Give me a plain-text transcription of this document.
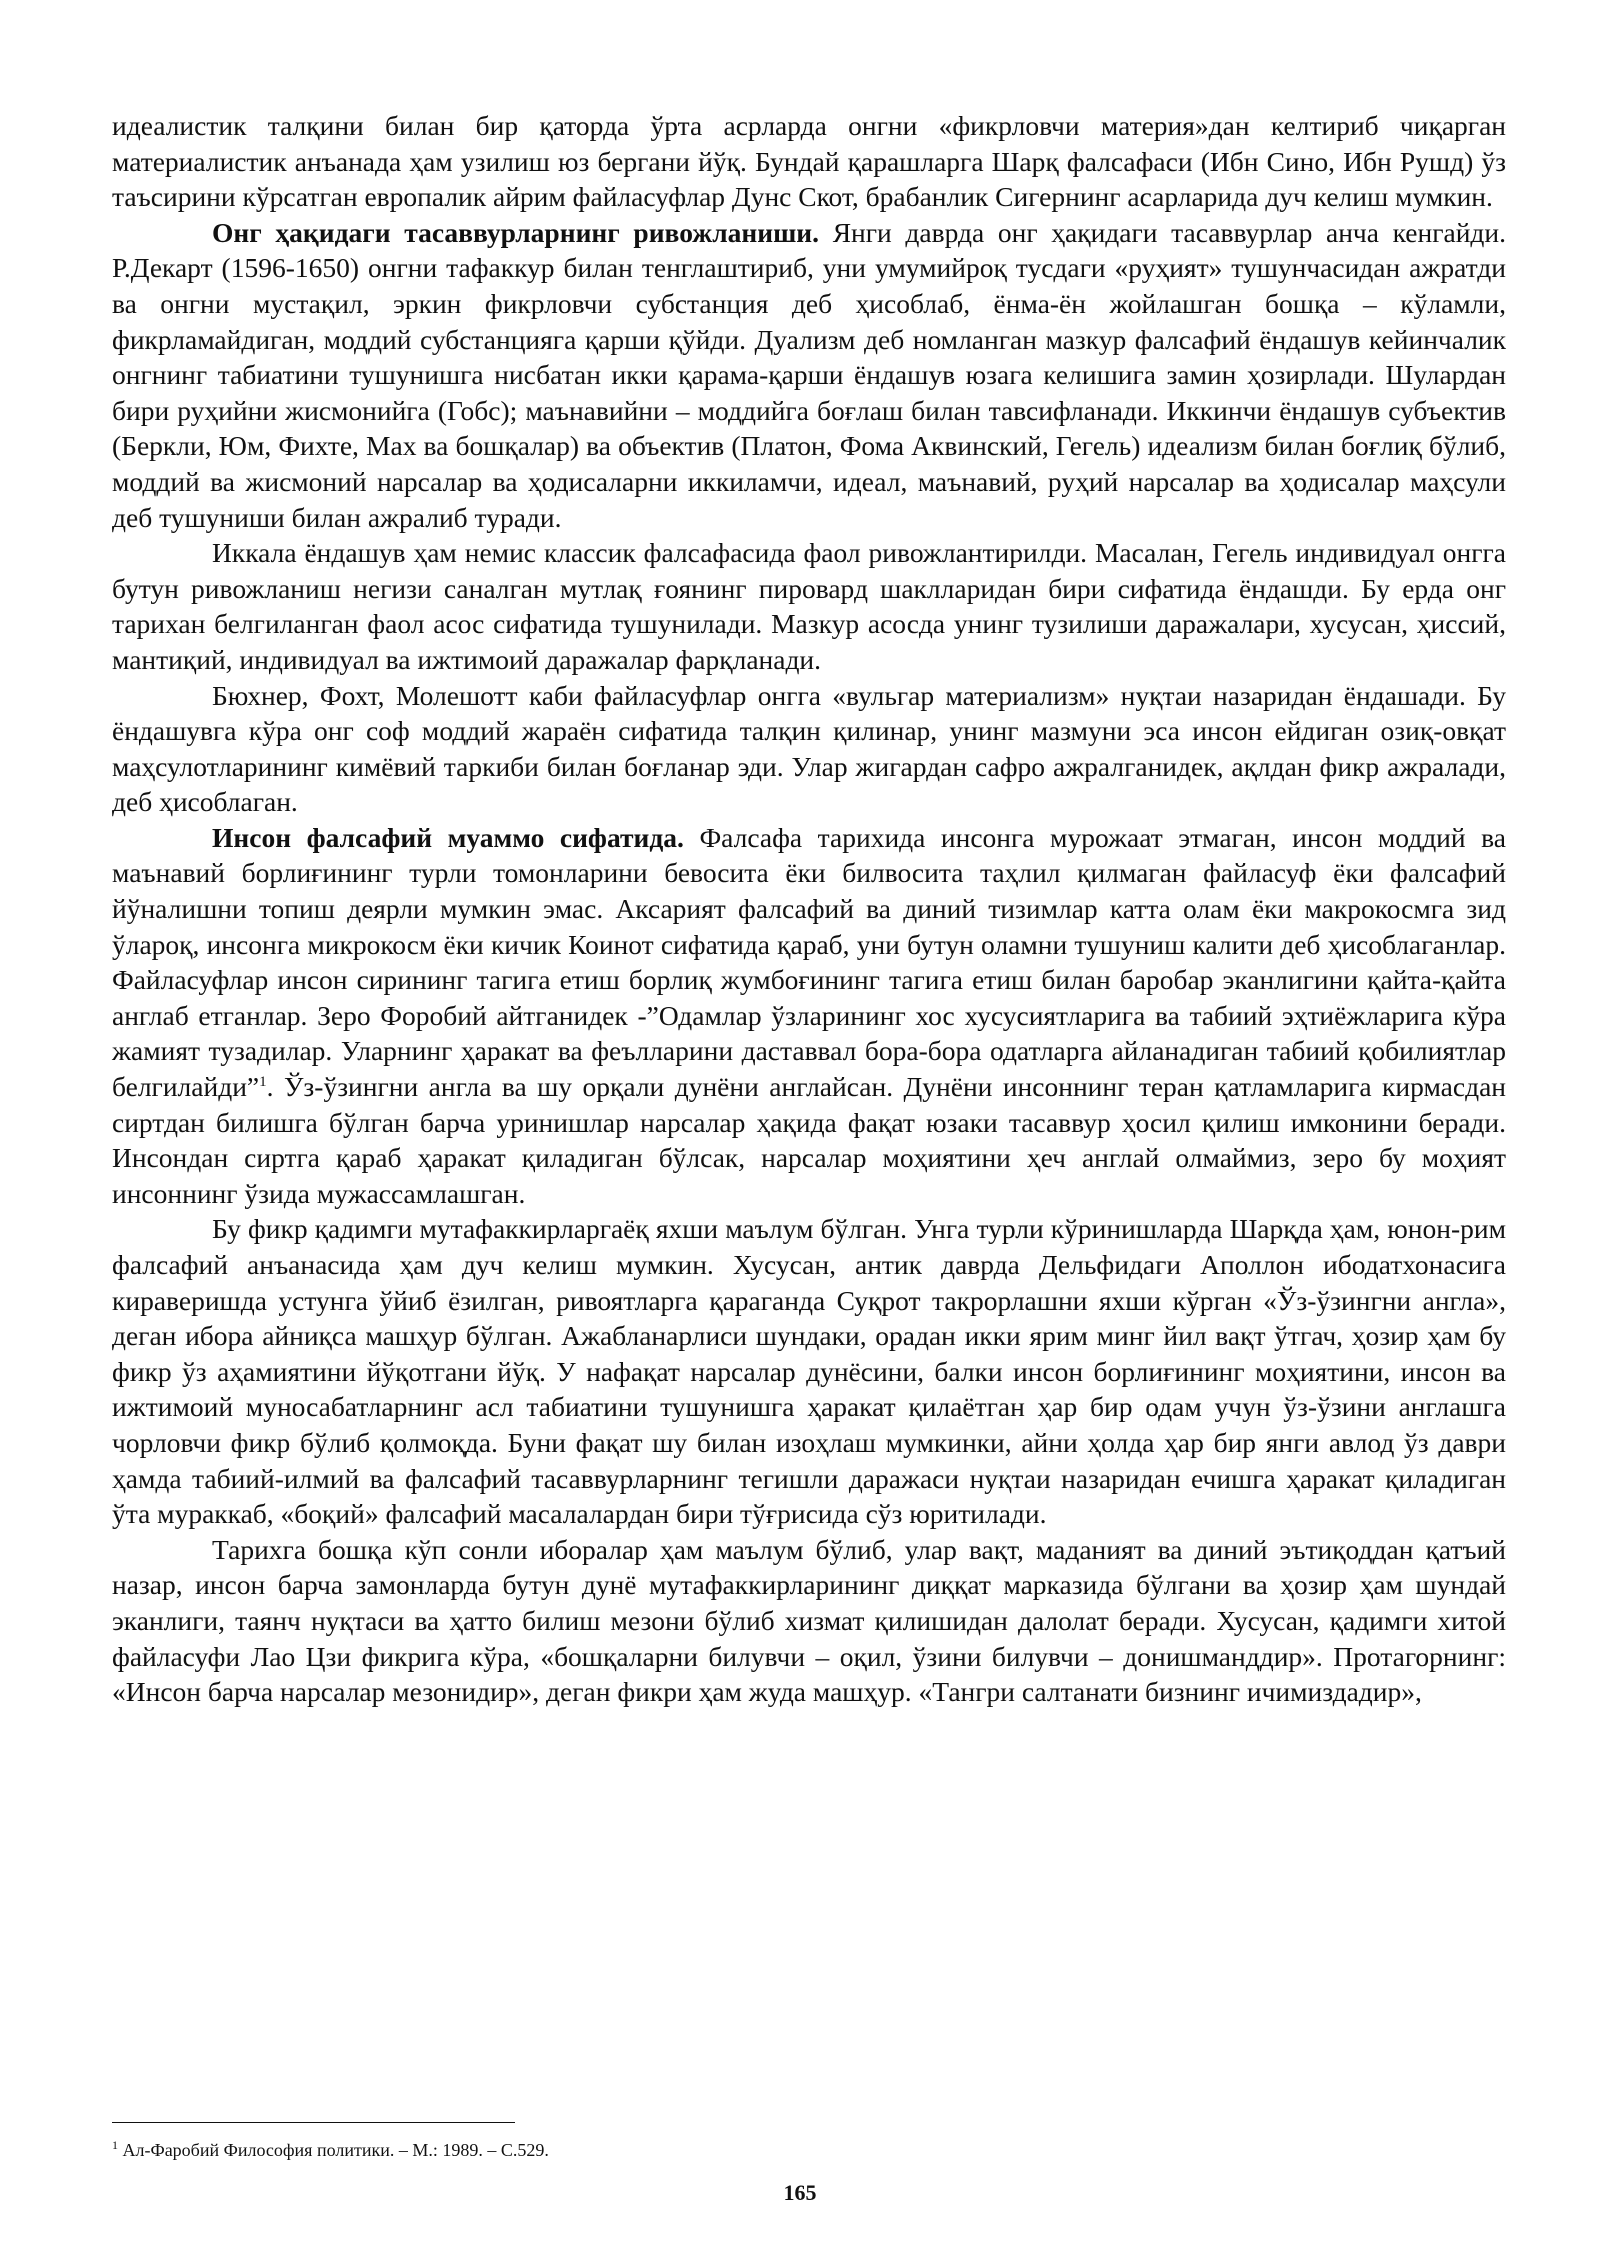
идеалистик талқини билан бир қаторда ўрта асрларда онгни «фикрловчи материя»дан келтириб чиқарган материалистик анъанада ҳам узилиш юз бергани йўқ. Бундай қарашларга Шарқ фалсафаси (Ибн Сино, Ибн Рушд) ўз таъсирини кўрсатган европалик айрим файласуфлар Дунс Скот, брабанлик Сигернинг асарларида дуч келиш мумкин.

Онг ҳақидаги тасаввурларнинг ривожланиши. Янги даврда онг ҳақидаги тасаввурлар анча кенгайди. Р.Декарт (1596-1650) онгни тафаккур билан тенглаштириб, уни умумийроқ тусдаги «руҳият» тушунчасидан ажратди ва онгни мустақил, эркин фикрловчи субстанция деб ҳисоблаб, ёнма-ён жойлашган бошқа – кўламли, фикрламайдиган, моддий субстанцияга қарши қўйди. Дуализм деб номланган мазкур фалсафий ёндашув кейинчалик онгнинг табиатини тушунишга нисбатан икки қарама-қарши ёндашув юзага келишига замин ҳозирлади. Шулардан бири руҳийни жисмонийга (Гобс); маънавийни – моддийга боғлаш билан тавсифланади. Иккинчи ёндашув субъектив (Беркли, Юм, Фихте, Мах ва бошқалар) ва объектив (Платон, Фома Аквинский, Гегель) идеализм билан боғлиқ бўлиб, моддий ва жисмоний нарсалар ва ҳодисаларни иккиламчи, идеал, маънавий, руҳий нарсалар ва ҳодисалар маҳсули деб тушуниши билан ажралиб туради.

Иккала ёндашув ҳам немис классик фалсафасида фаол ривожлантирилди. Масалан, Гегель индивидуал онгга бутун ривожланиш негизи саналган мутлақ ғоянинг пировард шаклларидан бири сифатида ёндашди. Бу ерда онг тарихан белгиланган фаол асос сифатида тушунилади. Мазкур асосда унинг тузилиши даражалари, хусусан, ҳиссий, мантиқий, индивидуал ва ижтимоий даражалар фарқланади.

Бюхнер, Фохт, Молешотт каби файласуфлар онгга «вульгар материализм» нуқтаи назаридан ёндашади. Бу ёндашувга кўра онг соф моддий жараён сифатида талқин қилинар, унинг мазмуни эса инсон ейдиган озиқ-овқат маҳсулотларининг кимёвий таркиби билан боғланар эди. Улар жигардан сафро ажралганидек, ақлдан фикр ажралади, деб ҳисоблаган.

Инсон фалсафий муаммо сифатида. Фалсафа тарихида инсонга мурожаат этмаган, инсон моддий ва маънавий борлиғининг турли томонларини бевосита ёки билвосита таҳлил қилмаган файласуф ёки фалсафий йўналишни топиш деярли мумкин эмас. Аксарият фалсафий ва диний тизимлар катта олам ёки макрокосмга зид ўлароқ, инсонга микрокосм ёки кичик Коинот сифатида қараб, уни бутун оламни тушуниш калити деб ҳисоблаганлар. Файласуфлар инсон сирининг тагига етиш борлиқ жумбоғининг тагига етиш билан баробар эканлигини қайта-қайта англаб етганлар. Зеро Форобий айтганидек -”Одамлар ўзларининг хос хусусиятларига ва табиий эҳтиёжларига кўра жамият тузадилар. Уларнинг ҳаракат ва феълларини даставвал бора-бора одатларга айланадиган табиий қобилиятлар белгилайди”$^1$. Ўз-ўзингни англа ва шу орқали дунёни англайсан. Дунёни инсоннинг теран қатламларига кирмасдан сиртдан билишга бўлган барча уринишлар нарсалар ҳақида фақат юзаки тасаввур ҳосил қилиш имконини беради. Инсондан сиртга қараб ҳаракат қиладиган бўлсак, нарсалар моҳиятини ҳеч англай олмаймиз, зеро бу моҳият инсоннинг ўзида мужассамлашган.

Бу фикр қадимги мутафаккирларгаёқ яхши маълум бўлган. Унга турли кўринишларда Шарқда ҳам, юнон-рим фалсафий анъанасида ҳам дуч келиш мумкин. Хусусан, антик даврда Дельфидаги Аполлон ибодатхонасига кираверишда устунга ўйиб ёзилган, ривоятларга қараганда Суқрот такрорлашни яхши кўрган «Ўз-ўзингни англа», деган ибора айниқса машҳур бўлган. Ажабланарлиси шундаки, орадан икки ярим минг йил вақт ўтгач, ҳозир ҳам бу фикр ўз аҳамиятини йўқотгани йўқ. У нафақат нарсалар дунёсини, балки инсон борлиғининг моҳиятини, инсон ва ижтимоий муносабатларнинг асл табиатини тушунишга ҳаракат қилаётган ҳар бир одам учун ўз-ўзини англашга чорловчи фикр бўлиб қолмоқда. Буни фақат шу билан изоҳлаш мумкинки, айни ҳолда ҳар бир янги авлод ўз даври ҳамда табиий-илмий ва фалсафий тасаввурларнинг тегишли даражаси нуқтаи назаридан ечишга ҳаракат қиладиган ўта мураккаб, «боқий» фалсафий масалалардан бири тўғрисида сўз юритилади.

Тарихга бошқа кўп сонли иборалар ҳам маълум бўлиб, улар вақт, маданият ва диний эътиқоддан қатъий назар, инсон барча замонларда бутун дунё мутафаккирларининг диққат марказида бўлгани ва ҳозир ҳам шундай эканлиги, таянч нуқтаси ва ҳатто билиш мезони бўлиб хизмат қилишидан далолат беради. Хусусан, қадимги хитой файласуфи Лао Цзи фикрига кўра, «бошқаларни билувчи – оқил, ўзини билувчи – донишманддир». Протагорнинг: «Инсон барча нарсалар мезонидир», деган фикри ҳам жуда машҳур. «Тангри салтанати бизнинг ичимиздадир»,

$^1$ Ал-Фаробий Философия политики. – М.: 1989. – С.529.
165
